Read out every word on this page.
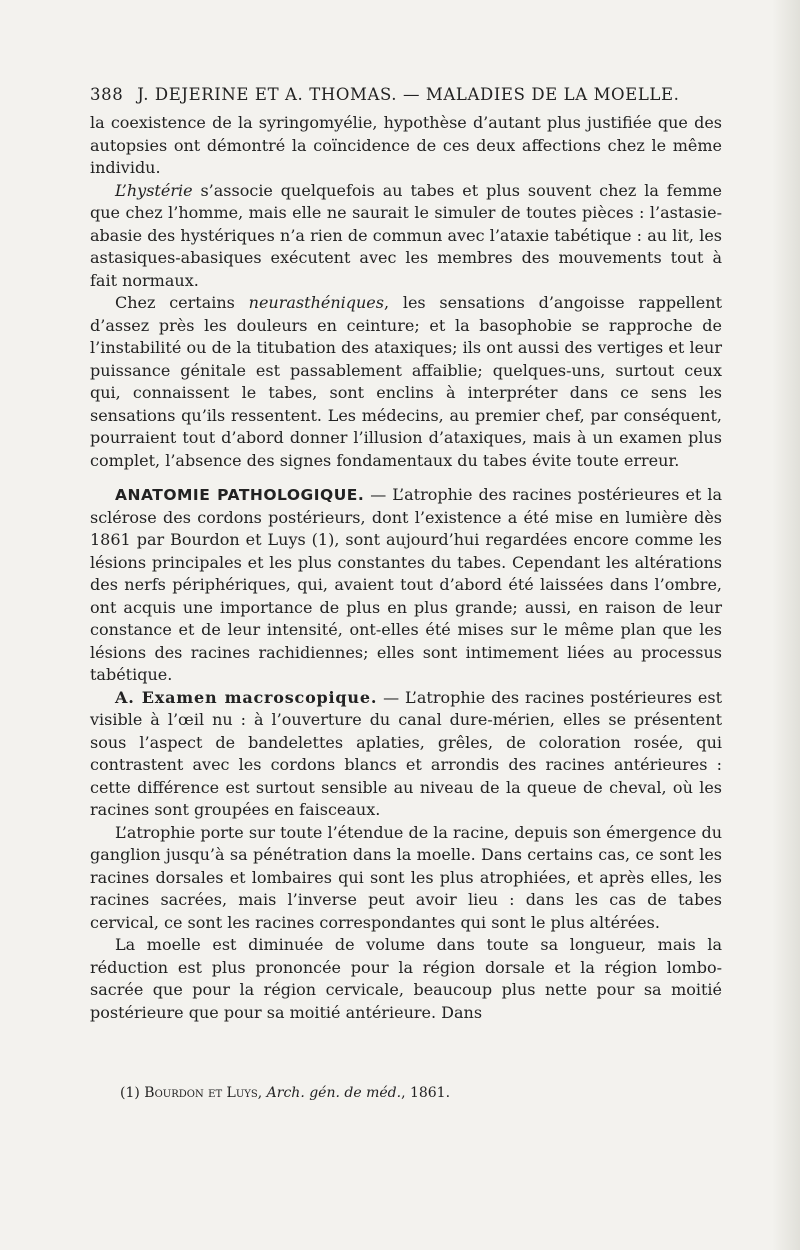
388 J. DEJERINE ET A. THOMAS. — MALADIES DE LA MOELLE.

la coexistence de la syringomyélie, hypothèse d’autant plus justifiée que des autopsies ont démontré la coïncidence de ces deux affections chez le même individu.

L’hystérie s’associe quelquefois au tabes et plus souvent chez la femme que chez l’homme, mais elle ne saurait le simuler de toutes pièces : l’astasie-abasie des hystériques n’a rien de commun avec l’ataxie tabétique : au lit, les astasiques-abasiques exécutent avec les membres des mouvements tout à fait normaux.

Chez certains neurasthéniques, les sensations d’angoisse rappellent d’assez près les douleurs en ceinture; et la basophobie se rapproche de l’instabilité ou de la titubation des ataxiques; ils ont aussi des vertiges et leur puissance génitale est passablement affaiblie; quelques-uns, surtout ceux qui, connaissent le tabes, sont enclins à interpréter dans ce sens les sensations qu’ils ressentent. Les médecins, au premier chef, par conséquent, pourraient tout d’abord donner l’illusion d’ataxiques, mais à un examen plus complet, l’absence des signes fondamentaux du tabes évite toute erreur.

ANATOMIE PATHOLOGIQUE. — L’atrophie des racines postérieures et la sclérose des cordons postérieurs, dont l’existence a été mise en lumière dès 1861 par Bourdon et Luys (1), sont aujourd’hui regardées encore comme les lésions principales et les plus constantes du tabes. Cependant les altérations des nerfs périphériques, qui, avaient tout d’abord été laissées dans l’ombre, ont acquis une importance de plus en plus grande; aussi, en raison de leur constance et de leur intensité, ont-elles été mises sur le même plan que les lésions des racines rachidiennes; elles sont intimement liées au processus tabétique.

A. Examen macroscopique. — L’atrophie des racines postérieures est visible à l’œil nu : à l’ouverture du canal dure-mérien, elles se présentent sous l’aspect de bandelettes aplaties, grêles, de coloration rosée, qui contrastent avec les cordons blancs et arrondis des racines antérieures : cette différence est surtout sensible au niveau de la queue de cheval, où les racines sont groupées en faisceaux.

L’atrophie porte sur toute l’étendue de la racine, depuis son émergence du ganglion jusqu’à sa pénétration dans la moelle. Dans certains cas, ce sont les racines dorsales et lombaires qui sont les plus atrophiées, et après elles, les racines sacrées, mais l’inverse peut avoir lieu : dans les cas de tabes cervical, ce sont les racines correspondantes qui sont le plus altérées.

La moelle est diminuée de volume dans toute sa longueur, mais la réduction est plus prononcée pour la région dorsale et la région lombo-sacrée que pour la région cervicale, beaucoup plus nette pour sa moitié postérieure que pour sa moitié antérieure. Dans

(1) Bourdon et Luys, Arch. gén. de méd., 1861.
